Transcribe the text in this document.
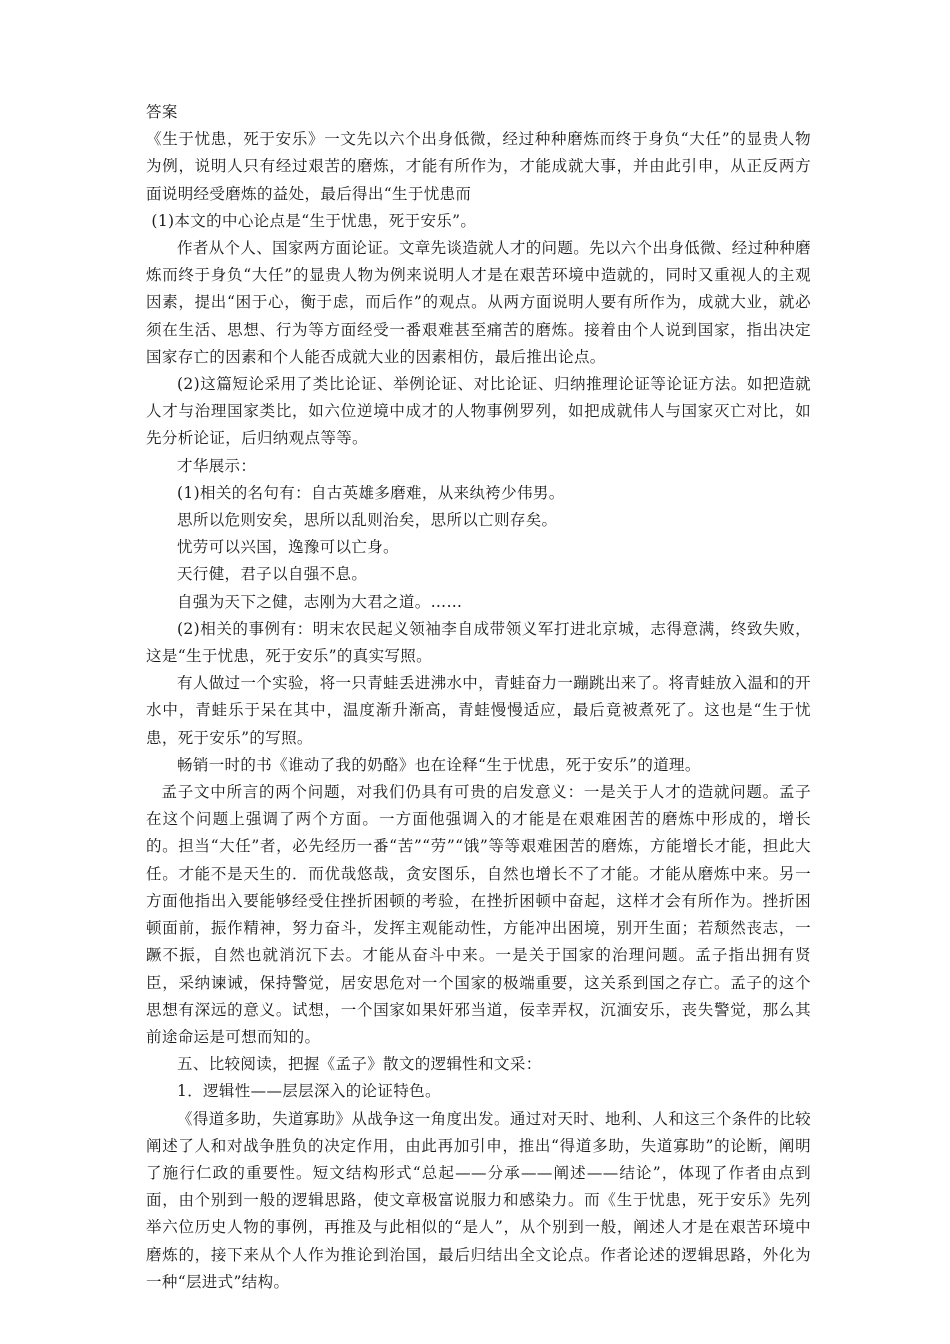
答案

《生于忧患，死于安乐》一文先以六个出身低微，经过种种磨炼而终于身负“大任”的显贵人物为例，说明人只有经过艰苦的磨炼，才能有所作为，才能成就大事，并由此引申，从正反两方面说明经受磨炼的益处，最后得出“生于忧患而

(1)本文的中心论点是“生于忧患，死于安乐”。

作者从个人、国家两方面论证。文章先谈造就人才的问题。先以六个出身低微、经过种种磨炼而终于身负“大任”的显贵人物为例来说明人才是在艰苦环境中造就的，同时又重视人的主观因素，提出“困于心，衡于虑，而后作”的观点。从两方面说明人要有所作为，成就大业，就必须在生活、思想、行为等方面经受一番艰难甚至痛苦的磨炼。接着由个人说到国家，指出决定国家存亡的因素和个人能否成就大业的因素相仿，最后推出论点。

(2)这篇短论采用了类比论证、举例论证、对比论证、归纳推理论证等论证方法。如把造就人才与治理国家类比，如六位逆境中成才的人物事例罗列，如把成就伟人与国家灭亡对比，如先分析论证，后归纳观点等等。

才华展示：

(1)相关的名句有：自古英雄多磨难，从来纨袴少伟男。

思所以危则安矣，思所以乱则治矣，思所以亡则存矣。

忧劳可以兴国，逸豫可以亡身。

天行健，君子以自强不息。

自强为天下之健，志刚为大君之道。……

(2)相关的事例有：明末农民起义领袖李自成带领义军打进北京城，志得意满，终致失败，这是“生于忧患，死于安乐”的真实写照。

有人做过一个实验，将一只青蛙丢进沸水中，青蛙奋力一蹦跳出来了。将青蛙放入温和的开水中，青蛙乐于呆在其中，温度渐升渐高，青蛙慢慢适应，最后竟被煮死了。这也是“生于忧患，死于安乐”的写照。

畅销一时的书《谁动了我的奶酪》也在诠释“生于忧患，死于安乐”的道理。

孟子文中所言的两个问题，对我们仍具有可贵的启发意义：一是关于人才的造就问题。孟子在这个问题上强调了两个方面。一方面他强调入的才能是在艰难困苦的磨炼中形成的，增长的。担当“大任”者，必先经历一番“苦”“劳”“饿”等等艰难困苦的磨炼，方能增长才能，担此大任。才能不是天生的．而优哉悠哉，贪安图乐，自然也增长不了才能。才能从磨炼中来。另一方面他指出入要能够经受住挫折困顿的考验，在挫折困顿中奋起，这样才会有所作为。挫折困顿面前，振作精神，努力奋斗，发挥主观能动性，方能冲出困境，别开生面；若颓然丧志，一蹶不振，自然也就消沉下去。才能从奋斗中来。一是关于国家的治理问题。孟子指出拥有贤臣，采纳谏诫，保持警觉，居安思危对一个国家的极端重要，这关系到国之存亡。孟子的这个思想有深远的意义。试想，一个国家如果奸邪当道，佞幸弄权，沉湎安乐，丧失警觉，那么其前途命运是可想而知的。

五、比较阅读，把握《孟子》散文的逻辑性和文采：

1．逻辑性——层层深入的论证特色。

《得道多助，失道寡助》从战争这一角度出发。通过对天时、地利、人和这三个条件的比较阐述了人和对战争胜负的决定作用，由此再加引申，推出“得道多助，失道寡助”的论断，阐明了施行仁政的重要性。短文结构形式“总起——分承——阐述——结论”，体现了作者由点到面，由个别到一般的逻辑思路，使文章极富说服力和感染力。而《生于忧患，死于安乐》先列举六位历史人物的事例，再推及与此相似的“是人”，从个别到一般，阐述人才是在艰苦环境中磨炼的，接下来从个人作为推论到治国，最后归结出全文论点。作者论述的逻辑思路，外化为一种“层进式”结构。
